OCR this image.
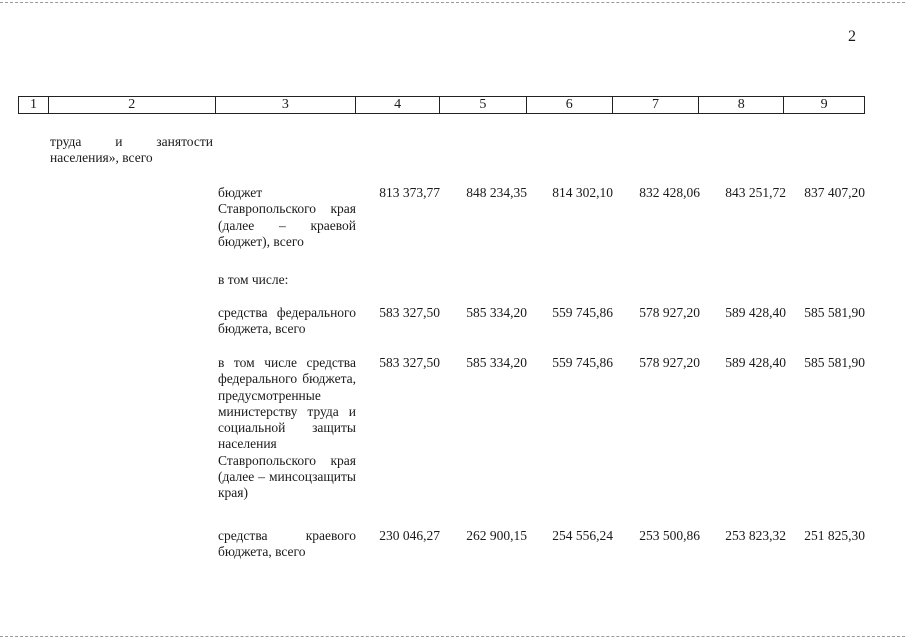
2
1	2	3	4	5	6	7	8	9
труда и занятости населения», всего
бюджет Ставропольского края (далее – краевой бюджет), всего
813 373,77	848 234,35	814 302,10	832 428,06	843 251,72	837 407,20
в том числе:
средства федерального бюджета, всего
583 327,50	585 334,20	559 745,86	578 927,20	589 428,40	585 581,90
в том числе средства федерального бюджета, предусмотренные министерству труда и социальной защиты населения Ставропольского края (далее – минсоцзащиты края)
583 327,50	585 334,20	559 745,86	578 927,20	589 428,40	585 581,90
средства краевого бюджета, всего
230 046,27	262 900,15	254 556,24	253 500,86	253 823,32	251 825,30
